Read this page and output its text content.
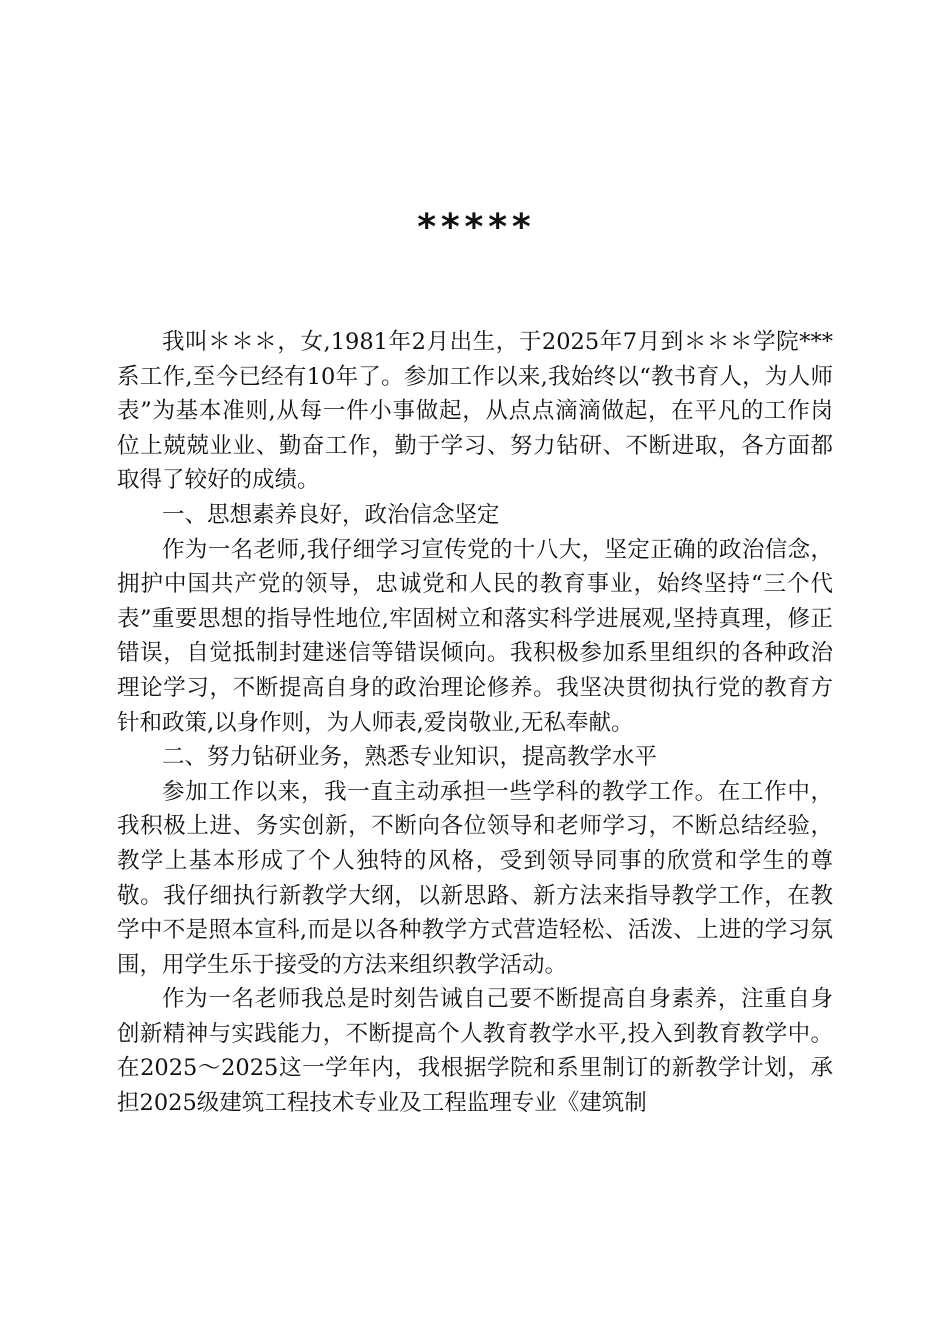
*****

我叫＊＊＊，女,1981年2月出生，于2025年7月到＊＊＊学院***系工作,至今已经有10年了。参加工作以来,我始终以“教书育人，为人师表”为基本准则,从每一件小事做起，从点点滴滴做起，在平凡的工作岗位上兢兢业业、勤奋工作，勤于学习、努力钻研、不断进取，各方面都取得了较好的成绩。

一、思想素养良好，政治信念坚定

作为一名老师,我仔细学习宣传党的十八大，坚定正确的政治信念，拥护中国共产党的领导，忠诚党和人民的教育事业，始终坚持“三个代表”重要思想的指导性地位,牢固树立和落实科学进展观,坚持真理，修正错误，自觉抵制封建迷信等错误倾向。我积极参加系里组织的各种政治理论学习，不断提高自身的政治理论修养。我坚决贯彻执行党的教育方针和政策,以身作则，为人师表,爱岗敬业,无私奉献。

二、努力钻研业务，熟悉专业知识，提高教学水平

参加工作以来，我一直主动承担一些学科的教学工作。在工作中，我积极上进、务实创新，不断向各位领导和老师学习，不断总结经验，教学上基本形成了个人独特的风格，受到领导同事的欣赏和学生的尊敬。我仔细执行新教学大纲，以新思路、新方法来指导教学工作，在教学中不是照本宣科,而是以各种教学方式营造轻松、活泼、上进的学习氛围，用学生乐于接受的方法来组织教学活动。

作为一名老师我总是时刻告诫自己要不断提高自身素养，注重自身创新精神与实践能力，不断提高个人教育教学水平,投入到教育教学中。在2025～2025这一学年内，我根据学院和系里制订的新教学计划，承担2025级建筑工程技术专业及工程监理专业《建筑制
